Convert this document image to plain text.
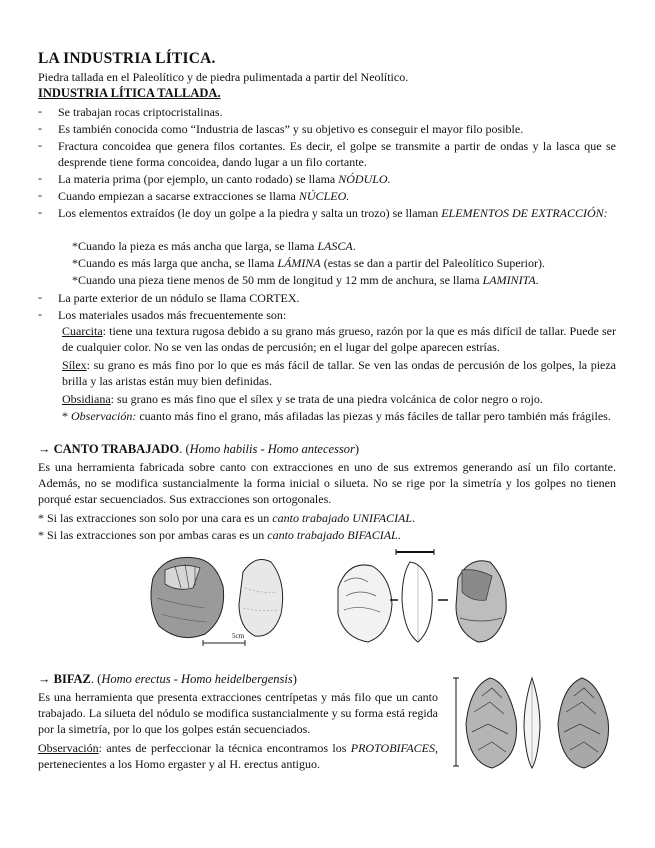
LA INDUSTRIA LÍTICA.
Piedra tallada en el Paleolítico y de piedra pulimentada a partir del Neolítico.
INDUSTRIA LÍTICA TALLADA.
-	Se trabajan rocas criptocristalinas.
-	Es también conocida como “Industria de lascas” y su objetivo es conseguir el mayor filo posible.
-	Fractura concoidea que genera filos cortantes. Es decir, el golpe se transmite a partir de ondas y la lasca que se desprende tiene forma concoidea, dando lugar a un filo cortante.
-	La materia prima (por ejemplo, un canto rodado) se llama NÓDULO.
-	Cuando empiezan a sacarse extracciones se llama NÚCLEO.
-	Los elementos extraídos (le doy un golpe a la piedra y salta un trozo) se llaman ELEMENTOS DE EXTRACCIÓN:
*Cuando la pieza es más ancha que larga, se llama LASCA.
*Cuando es más larga que ancha, se llama LÁMINA (estas se dan a partir del Paleolítico Superior).
*Cuando una pieza tiene menos de 50 mm de longitud y 12 mm de anchura, se llama LAMINITA.
-	La parte exterior de un nódulo se llama CORTEX.
-	Los materiales usados más frecuentemente son:
Cuarcita: tiene una textura rugosa debido a su grano más grueso, razón por la que es más difícil de tallar. Puede ser de cualquier color. No se ven las ondas de percusión; en el lugar del golpe aparecen estrías.
Sílex: su grano es más fino por lo que es más fácil de tallar. Se ven las ondas de percusión de los golpes, la pieza brilla y las aristas están muy bien definidas.
Obsidiana: su grano es más fino que el sílex y se trata de una piedra volcánica de color negro o rojo.
* Observación: cuanto más fino el grano, más afiladas las piezas y más fáciles de tallar pero también más frágiles.
→ CANTO TRABAJADO. (Homo habilis - Homo antecessor)
Es una herramienta fabricada sobre canto con extracciones en uno de sus extremos generando así un filo cortante. Además, no se modifica sustancialmente la forma inicial o silueta. No se rige por la simetría y los golpes no tienen porqué estar secuenciados. Sus extracciones son ortogonales.
* Si las extracciones son solo por una cara es un canto trabajado UNIFACIAL.
* Si las extracciones son por ambas caras es un canto trabajado BIFACIAL.
5cm
→ BIFAZ. (Homo erectus - Homo heidelbergensis)
Es una herramienta que presenta extracciones centrípetas y más filo que un canto trabajado. La silueta del nódulo se modifica sustancialmente y su forma está regida por la simetría, por lo que los golpes están secuenciados.
Observación: antes de perfeccionar la técnica encontramos los PROTOBIFACES, pertenecientes a los Homo ergaster y al H. erectus antiguo.
